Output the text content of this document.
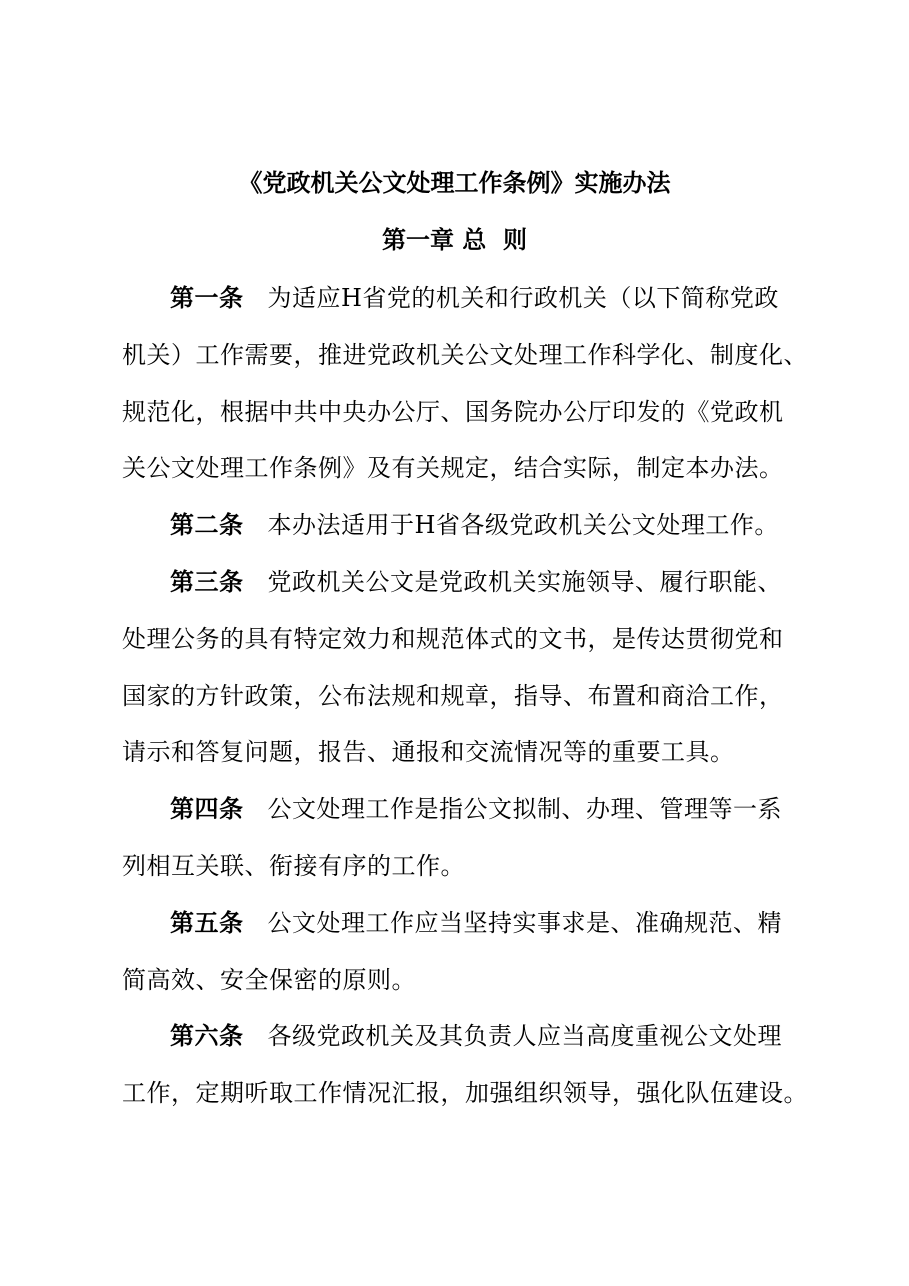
《党政机关公文处理工作条例》实施办法
第一章 总  则
第一条 为适应H省党的机关和行政机关（以下简称党政
机关）工作需要，推进党政机关公文处理工作科学化、制度化、
规范化，根据中共中央办公厅、国务院办公厅印发的《党政机
关公文处理工作条例》及有关规定，结合实际，制定本办法。
第二条 本办法适用于H省各级党政机关公文处理工作。
第三条 党政机关公文是党政机关实施领导、履行职能、
处理公务的具有特定效力和规范体式的文书，是传达贯彻党和
国家的方针政策，公布法规和规章，指导、布置和商洽工作，
请示和答复问题，报告、通报和交流情况等的重要工具。
第四条 公文处理工作是指公文拟制、办理、管理等一系
列相互关联、衔接有序的工作。
第五条 公文处理工作应当坚持实事求是、准确规范、精
简高效、安全保密的原则。
第六条 各级党政机关及其负责人应当高度重视公文处理
工作，定期听取工作情况汇报，加强组织领导，强化队伍建设。
